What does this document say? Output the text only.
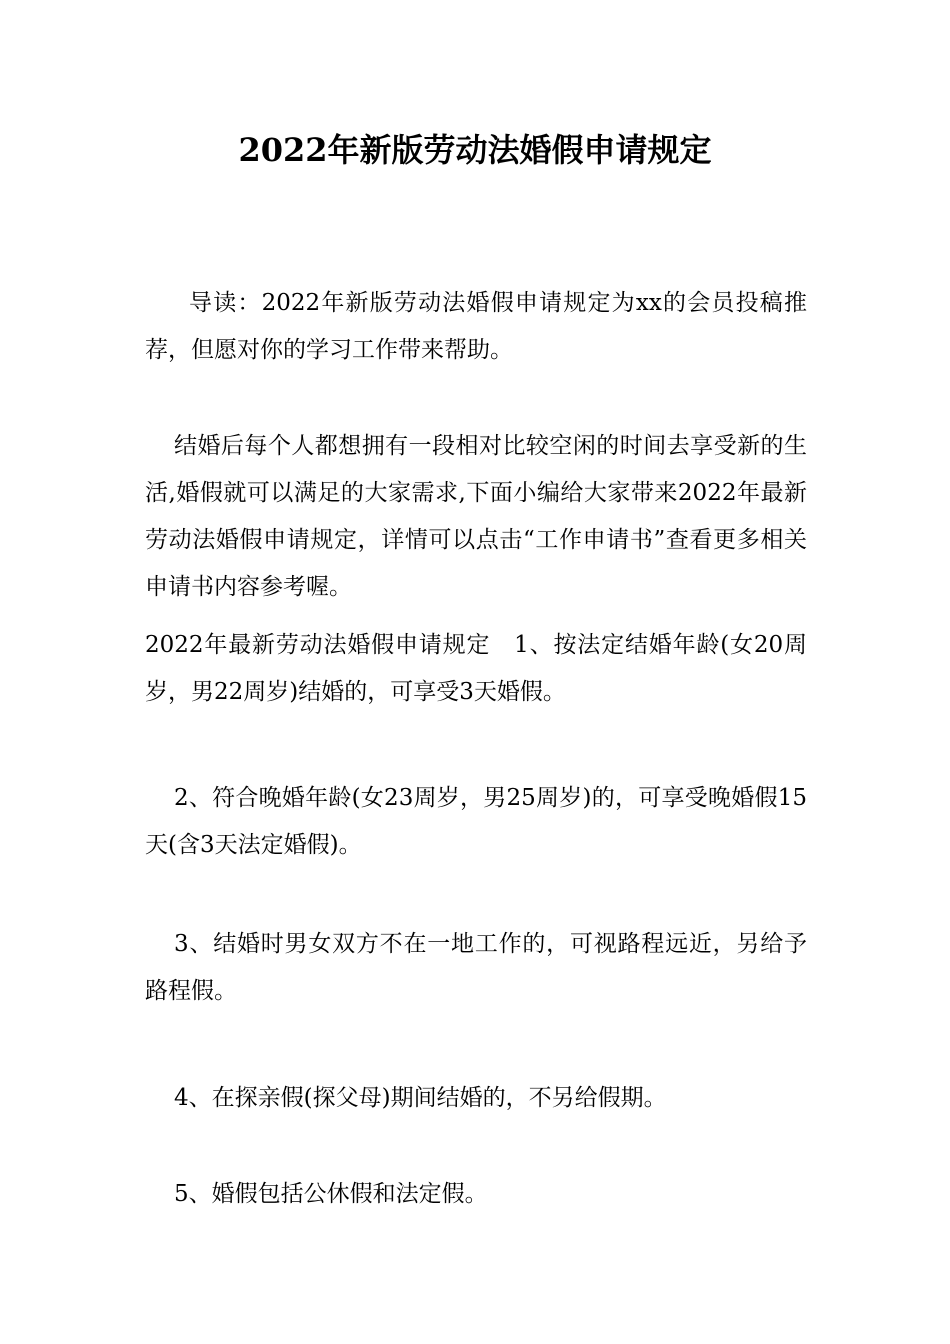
2022年新版劳动法婚假申请规定

导读：2022年新版劳动法婚假申请规定为xx的会员投稿推荐，但愿对你的学习工作带来帮助。

结婚后每个人都想拥有一段相对比较空闲的时间去享受新的生活,婚假就可以满足的大家需求,下面小编给大家带来2022年最新劳动法婚假申请规定，详情可以点击“工作申请书”查看更多相关申请书内容参考喔。

2022年最新劳动法婚假申请规定　1、按法定结婚年龄(女20周岁，男22周岁)结婚的，可享受3天婚假。

2、符合晚婚年龄(女23周岁，男25周岁)的，可享受晚婚假15天(含3天法定婚假)。

3、结婚时男女双方不在一地工作的，可视路程远近，另给予路程假。

4、在探亲假(探父母)期间结婚的，不另给假期。

5、婚假包括公休假和法定假。
